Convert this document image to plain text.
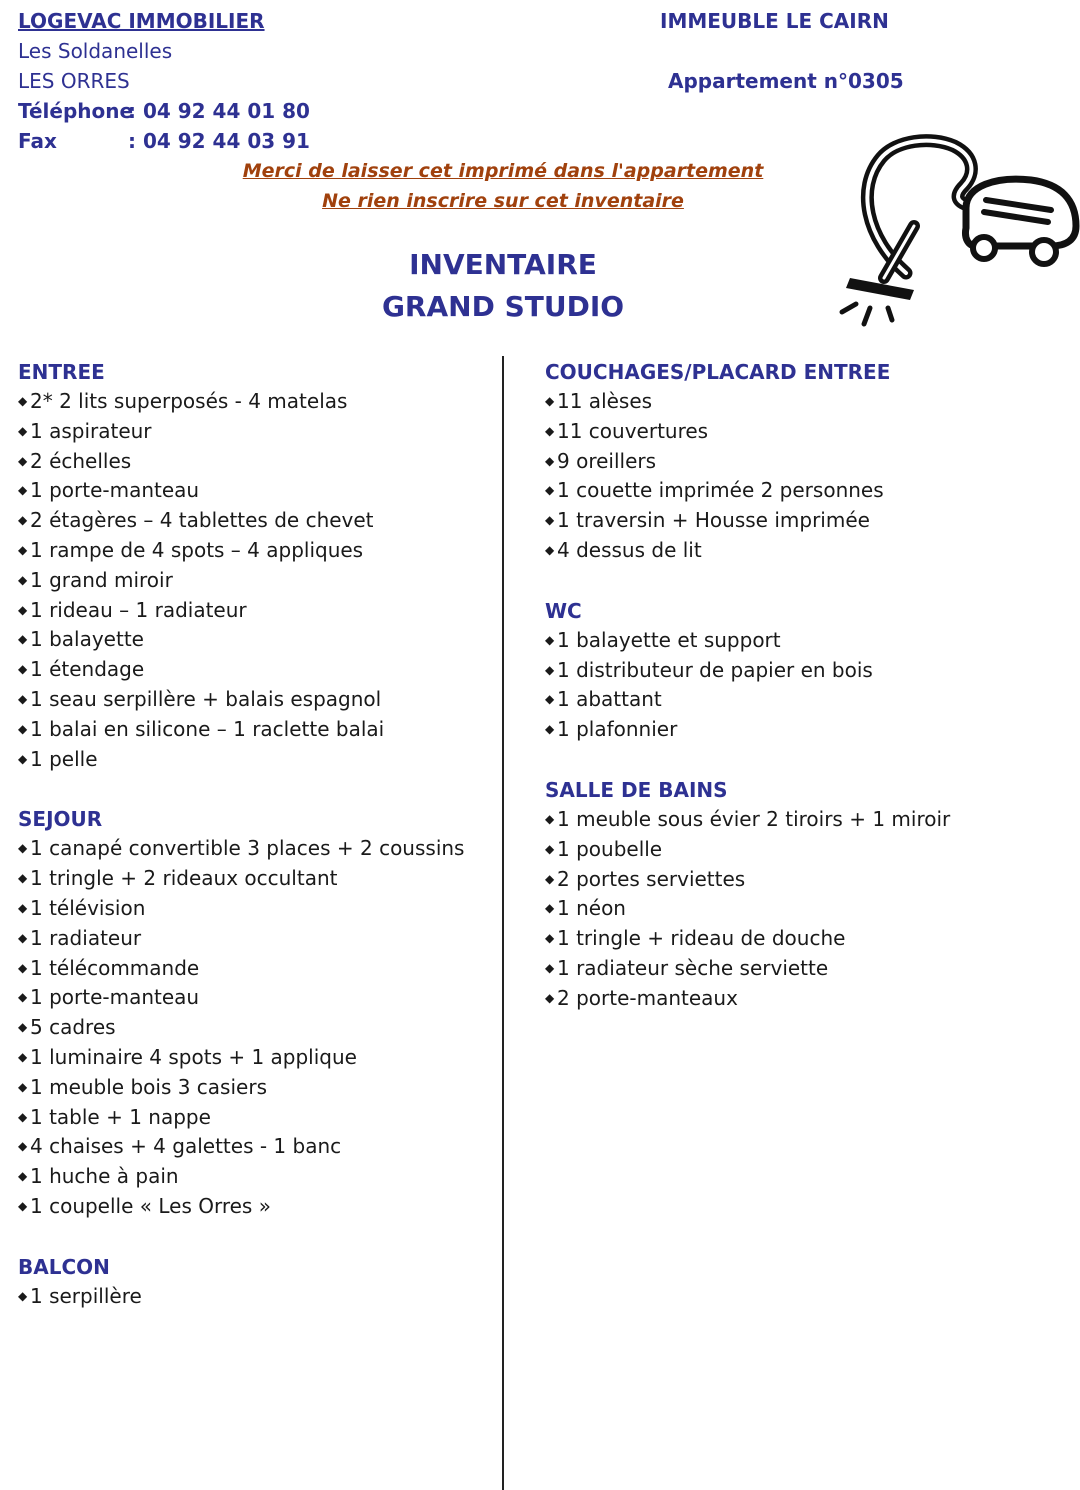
LOGEVAC IMMOBILIER
Les Soldanelles
LES ORRES
Téléphone: 04 92 44 01 80
Fax	: 04 92 44 03 91
IMMEUBLE LE CAIRN
Appartement n°0305
Merci de laisser cet imprimé dans l'appartement
Ne rien inscrire sur cet inventaire
INVENTAIRE
GRAND STUDIO
ENTREE
◆ 2* 2 lits superposés - 4 matelas
◆ 1 aspirateur
◆ 2 échelles
◆ 1 porte-manteau
◆ 2 étagères – 4 tablettes de chevet
◆ 1 rampe de 4 spots – 4 appliques
◆ 1 grand miroir
◆ 1 rideau – 1 radiateur
◆ 1 balayette
◆ 1 étendage
◆ 1 seau serpillère + balais espagnol
◆ 1 balai en silicone – 1 raclette balai
◆ 1 pelle
SEJOUR
◆ 1 canapé convertible 3 places + 2 coussins
◆ 1 tringle + 2 rideaux occultant
◆ 1 télévision
◆ 1 radiateur
◆ 1 télécommande
◆ 1 porte-manteau
◆ 5 cadres
◆ 1 luminaire 4 spots + 1 applique
◆ 1 meuble bois 3 casiers
◆ 1 table + 1 nappe
◆ 4 chaises + 4 galettes - 1 banc
◆ 1 huche à pain
◆ 1 coupelle « Les Orres »
BALCON
◆ 1 serpillère
COUCHAGES/PLACARD ENTREE
◆ 11 alèses
◆ 11 couvertures
◆ 9 oreillers
◆ 1 couette imprimée 2 personnes
◆ 1 traversin + Housse imprimée
◆ 4 dessus de lit
WC
◆ 1 balayette et support
◆ 1 distributeur de papier en bois
◆ 1 abattant
◆ 1 plafonnier
SALLE DE BAINS
◆ 1 meuble sous évier 2 tiroirs + 1 miroir
◆ 1 poubelle
◆ 2 portes serviettes
◆ 1 néon
◆ 1 tringle + rideau de douche
◆ 1 radiateur sèche serviette
◆ 2 porte-manteaux
